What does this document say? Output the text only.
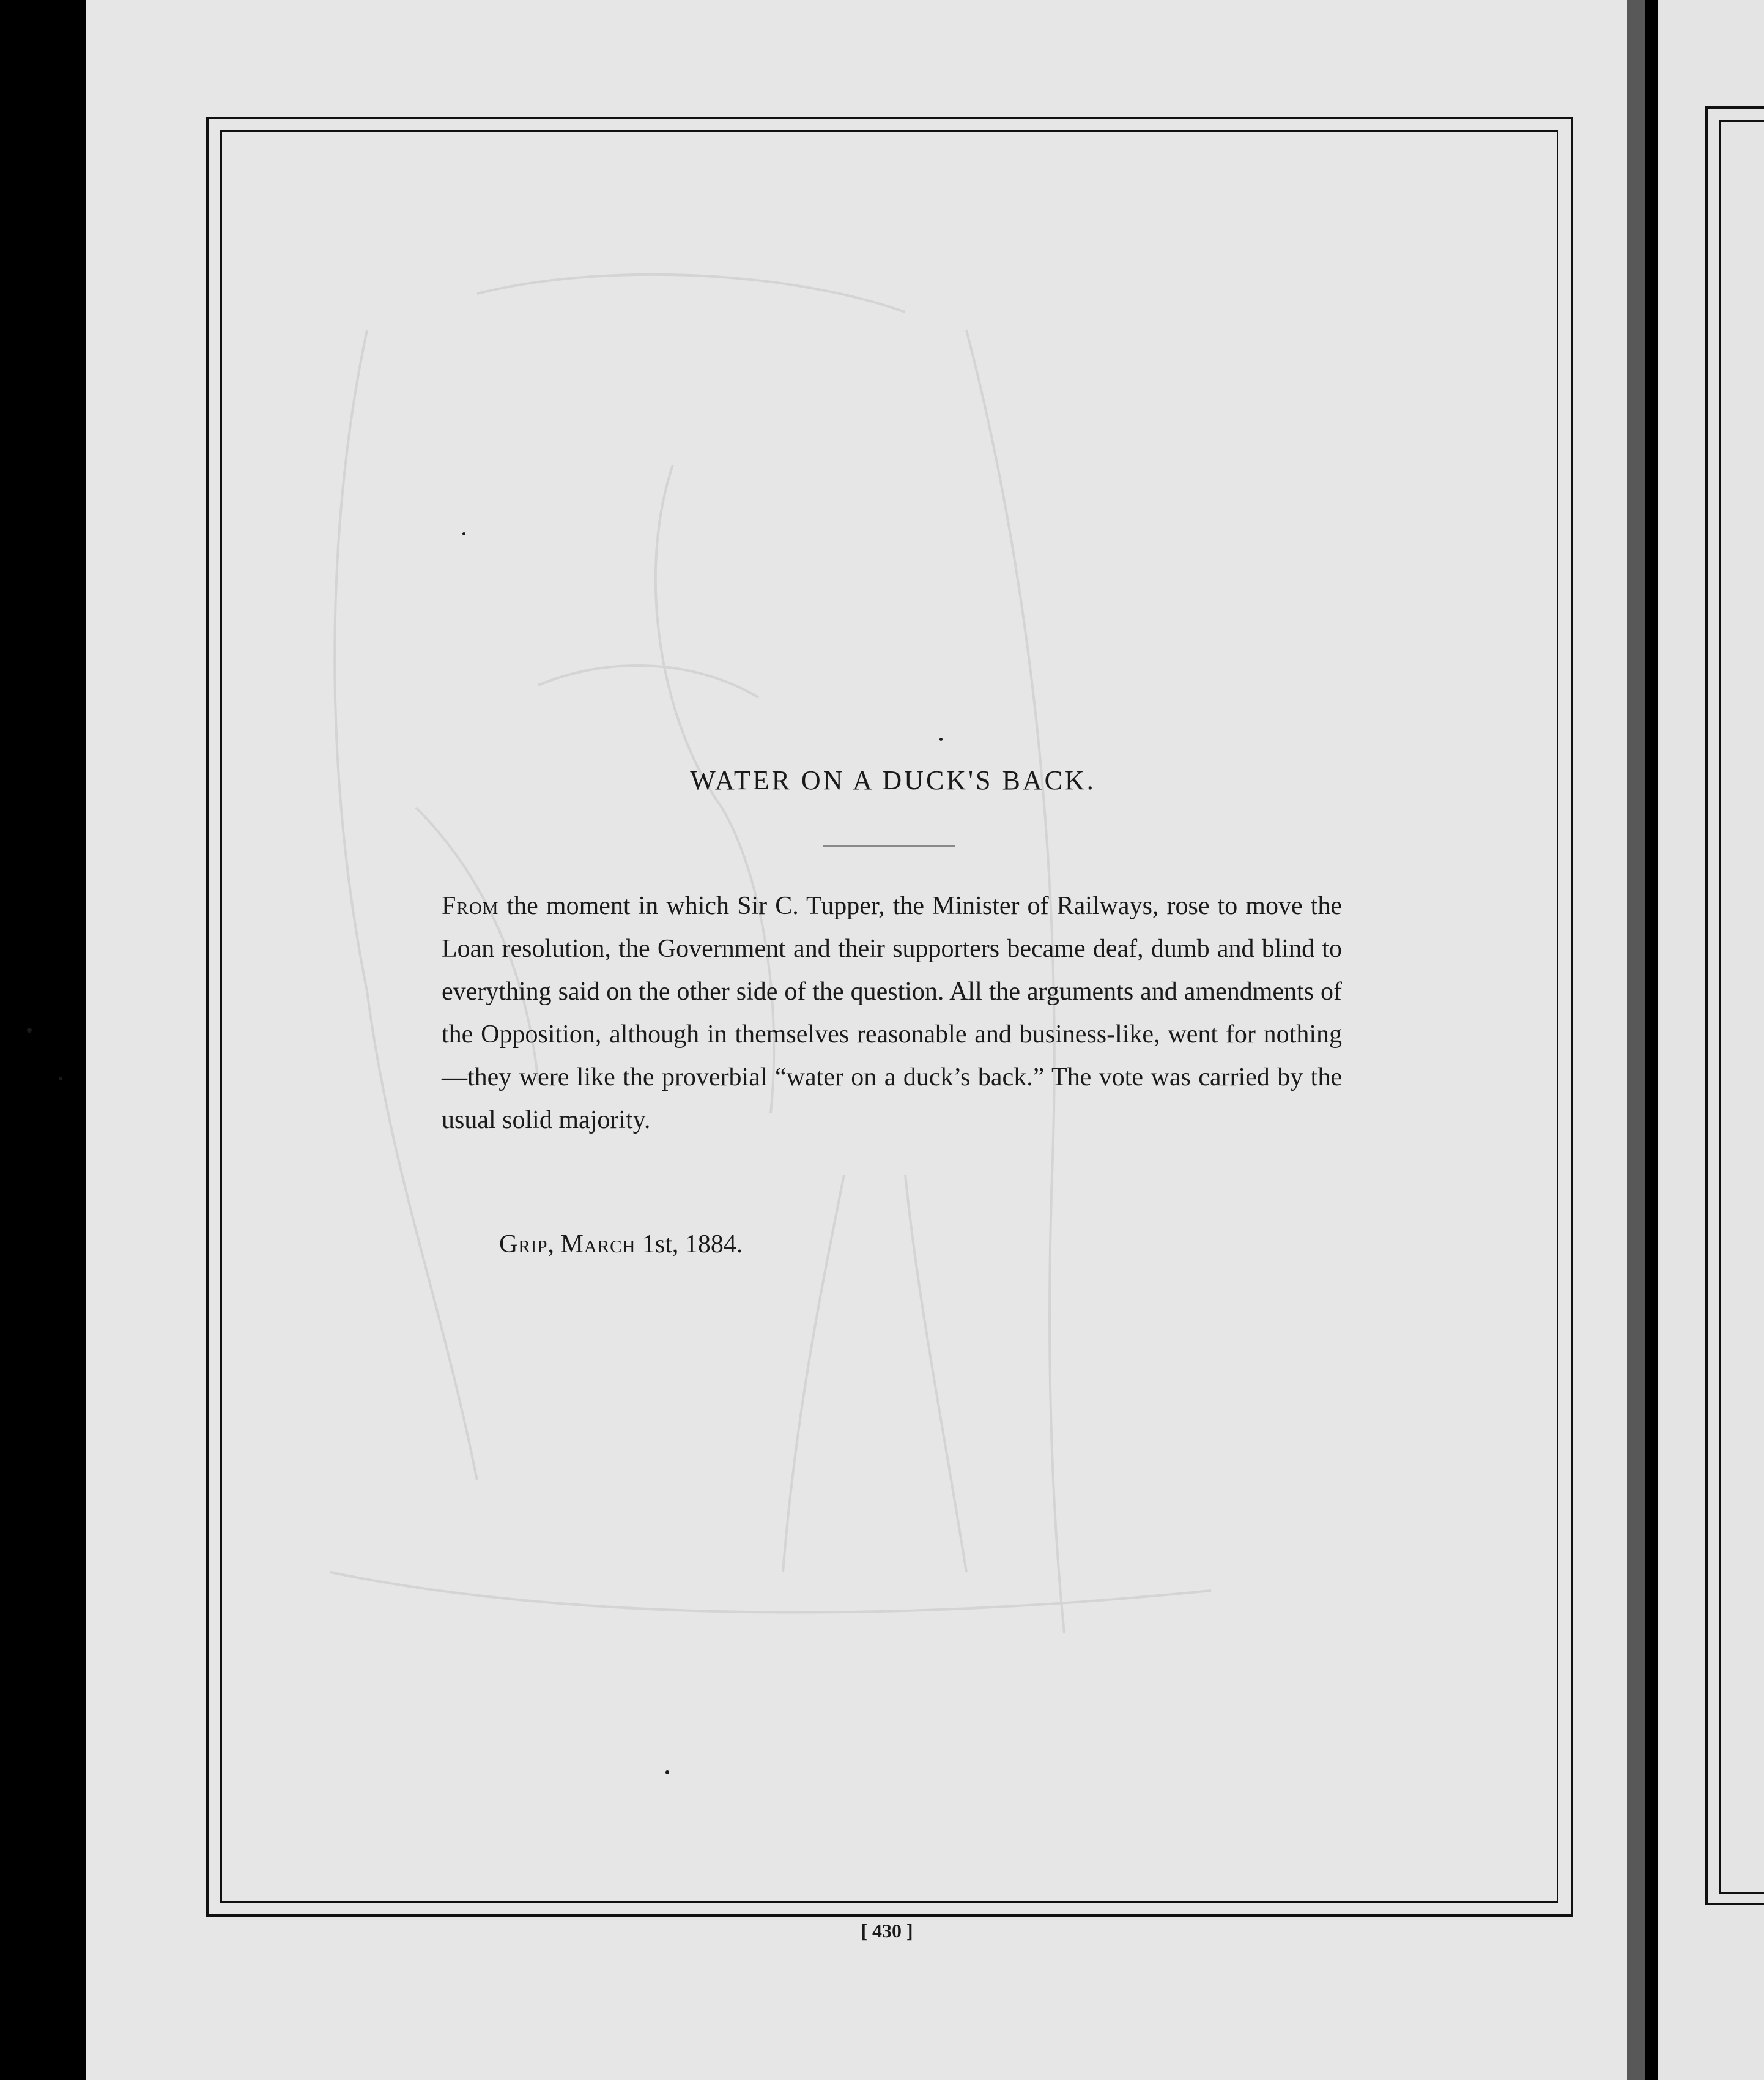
WATER ON A DUCK'S BACK.

From the moment in which Sir C. Tupper, the Minister of Railways, rose to move the Loan resolution, the Government and their supporters became deaf, dumb and blind to everything said on the other side of the question. All the arguments and amendments of the Opposition, although in themselves reasonable and business-like, went for nothing—they were like the proverbial “water on a duck’s back.” The vote was carried by the usual solid majority.

Grip, March 1st, 1884.

[ 430 ]
